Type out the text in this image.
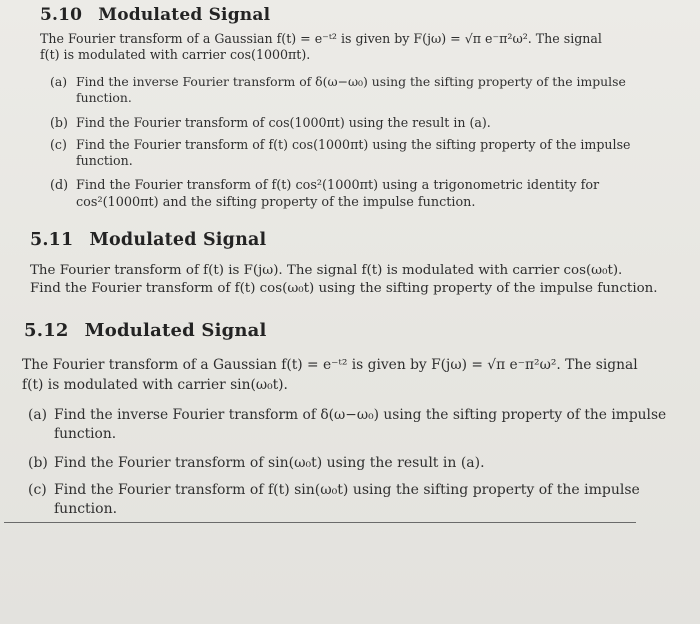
5.10 Modulated Signal
The Fourier transform of a Gaussian f(t) = e⁻ᵗ² is given by F(jω) = √π e⁻π²ω². The signal
f(t) is modulated with carrier cos(1000πt).
(a) Find the inverse Fourier transform of δ(ω−ω₀) using the sifting property of the impulse
function.
(b) Find the Fourier transform of cos(1000πt) using the result in (a).
(c) Find the Fourier transform of f(t) cos(1000πt) using the sifting property of the impulse
function.
(d) Find the Fourier transform of f(t) cos²(1000πt) using a trigonometric identity for
cos²(1000πt) and the sifting property of the impulse function.
5.11 Modulated Signal
The Fourier transform of f(t) is F(jω). The signal f(t) is modulated with carrier cos(ω₀t).
Find the Fourier transform of f(t) cos(ω₀t) using the sifting property of the impulse function.
5.12 Modulated Signal
The Fourier transform of a Gaussian f(t) = e⁻ᵗ² is given by F(jω) = √π e⁻π²ω². The signal
f(t) is modulated with carrier sin(ω₀t).
(a) Find the inverse Fourier transform of δ(ω−ω₀) using the sifting property of the impulse
function.
(b) Find the Fourier transform of sin(ω₀t) using the result in (a).
(c) Find the Fourier transform of f(t) sin(ω₀t) using the sifting property of the impulse
function.
